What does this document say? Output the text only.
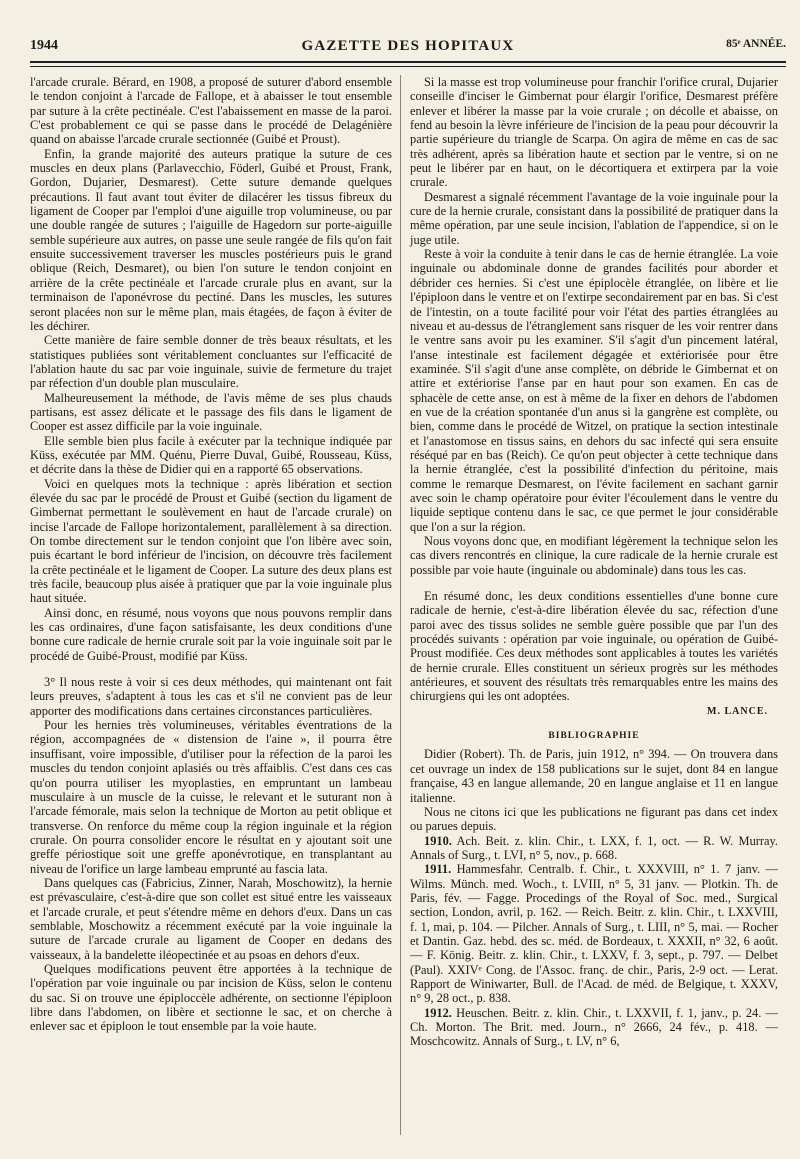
1944	GAZETTE DES HOPITAUX	85ᵉ ANNÉE.

l'arcade crurale. Bérard, en 1908, a proposé de suturer d'abord ensemble le tendon conjoint à l'arcade de Fallope, et à abaisser le tout ensemble par suture à la crête pectinéale. C'est l'abaissement en masse de la paroi. C'est probablement ce qui se passe dans le procédé de Delagénière quand on abaisse l'arcade crurale sectionnée (Guibé et Proust).

Enfin, la grande majorité des auteurs pratique la suture de ces muscles en deux plans (Parlavecchio, Föderl, Guibé et Proust, Frank, Gordon, Dujarier, Desmarest). Cette suture demande quelques précautions. Il faut avant tout éviter de dilacérer les tissus fibreux du ligament de Cooper par l'emploi d'une aiguille trop volumineuse, ou par une double rangée de sutures ; l'aiguille de Hagedorn sur porte-aiguille semble supérieure aux autres, on passe une seule rangée de fils qu'on fait ensuite successivement traverser les muscles postérieurs puis le grand oblique (Reich, Desmaret), ou bien l'on suture le tendon conjoint en arrière de la crête pectinéale et l'arcade crurale plus en avant, sur la terminaison de l'aponévrose du pectiné. Dans les muscles, les sutures seront placées non sur le même plan, mais étagées, de façon à éviter de les déchirer.

Cette manière de faire semble donner de très beaux résultats, et les statistiques publiées sont véritablement concluantes sur l'efficacité de l'ablation haute du sac par voie inguinale, suivie de fermeture du trajet par réfection d'un double plan musculaire.

Malheureusement la méthode, de l'avis même de ses plus chauds partisans, est assez délicate et le passage des fils dans le ligament de Cooper est assez difficile par la voie inguinale.

Elle semble bien plus facile à exécuter par la technique indiquée par Küss, exécutée par MM. Quénu, Pierre Duval, Guibé, Rousseau, Küss, et décrite dans la thèse de Didier qui en a rapporté 65 observations.

Voici en quelques mots la technique : après libération et section élevée du sac par le procédé de Proust et Guibé (section du ligament de Gimbernat permettant le soulèvement en haut de l'arcade crurale) on incise l'arcade de Fallope horizontalement, parallèlement à sa direction. On tombe directement sur le tendon conjoint que l'on libère avec soin, puis écartant le bord inférieur de l'incision, on découvre très facilement la crête pectinéale et le ligament de Cooper. La suture des deux plans est très facile, beaucoup plus aisée à pratiquer que par la voie inguinale plus haut située.

Ainsi donc, en résumé, nous voyons que nous pouvons remplir dans les cas ordinaires, d'une façon satisfaisante, les deux conditions d'une bonne cure radicale de hernie crurale soit par la voie inguinale soit par le procédé de Guibé-Proust, modifié par Küss.

3° Il nous reste à voir si ces deux méthodes, qui maintenant ont fait leurs preuves, s'adaptent à tous les cas et s'il ne convient pas de leur apporter des modifications dans certaines circonstances particulières.

Pour les hernies très volumineuses, véritables éventrations de la région, accompagnées de « distension de l'aine », il pourra être insuffisant, voire impossible, d'utiliser pour la réfection de la paroi les muscles du tendon conjoint aplasiés ou très affaiblis. C'est dans ces cas qu'on pourra utiliser les myoplasties, en empruntant un lambeau musculaire à un muscle de la cuisse, le relevant et le suturant non à l'arcade fémorale, mais selon la technique de Morton au petit oblique et transverse. On renforce du même coup la région inguinale et la région crurale. On pourra consolider encore le résultat en y ajoutant soit une greffe périostique soit une greffe aponévrotique, en transplantant au niveau de l'orifice un large lambeau emprunté au fascia lata.

Dans quelques cas (Fabricius, Zinner, Narah, Moschowitz), la hernie est prévasculaire, c'est-à-dire que son collet est situé entre les vaisseaux et l'arcade crurale, et peut s'étendre même en dehors d'eux. Dans un cas semblable, Moschowitz a récemment exécuté par la voie inguinale la suture de l'arcade crurale au ligament de Cooper en dedans des vaisseaux, à la bandelette iléopectinée et au psoas en dehors d'eux.

Quelques modifications peuvent être apportées à la technique de l'opération par voie inguinale ou par incision de Küss, selon le contenu du sac. Si on trouve une épiploccèle adhérente, on sectionne l'épiploon libre dans l'abdomen, on libère et sectionne le sac, et on cherche à enlever sac et épiploon le tout ensemble par la voie haute.

Si la masse est trop volumineuse pour franchir l'orifice crural, Dujarier conseille d'inciser le Gimbernat pour élargir l'orifice, Desmarest préfère enlever et libérer la masse par la voie crurale ; on décolle et abaisse, on fend au besoin la lèvre inférieure de l'incision de la peau pour découvrir la partie supérieure du triangle de Scarpa. On agira de même en cas de sac très adhérent, après sa libération haute et section par le ventre, si on ne peut le libérer par en haut, on le décortiquera et extirpera par la voie crurale.

Desmarest a signalé récemment l'avantage de la voie inguinale pour la cure de la hernie crurale, consistant dans la possibilité de pratiquer dans la même opération, par une seule incision, l'ablation de l'appendice, si on le juge utile.

Reste à voir la conduite à tenir dans le cas de hernie étranglée. La voie inguinale ou abdominale donne de grandes facilités pour aborder et débrider ces hernies. Si c'est une épiplocèle étranglée, on libère et lie l'épiploon dans le ventre et on l'extirpe secondairement par en bas. Si c'est de l'intestin, on a toute facilité pour voir l'état des parties étranglées au niveau et au-dessus de l'étranglement sans risquer de les voir rentrer dans le ventre sans avoir pu les examiner. S'il s'agit d'un pincement latéral, l'anse intestinale est facilement dégagée et extériorisée pour être examinée. S'il s'agit d'une anse complète, on débride le Gimbernat et on attire et extériorise l'anse par en haut pour son examen. En cas de sphacèle de cette anse, on est à même de la fixer en dehors de l'abdomen en vue de la création spontanée d'un anus si la gangrène est complète, ou bien, comme dans le procédé de Witzel, on pratique la section intestinale et l'anastomose en tissus sains, en dehors du sac infecté qui sera ensuite réséqué par en bas (Reich). Ce qu'on peut objecter à cette technique dans la hernie étranglée, c'est la possibilité d'infection du péritoine, mais comme le remarque Desmarest, on l'évite facilement en sachant garnir avec soin le champ opératoire pour éviter l'écoulement dans le ventre du liquide septique contenu dans le sac, ce que permet le jour considérable que l'on a sur la région.

Nous voyons donc que, en modifiant légèrement la technique selon les cas divers rencontrés en clinique, la cure radicale de la hernie crurale est possible par voie haute (inguinale ou abdominale) dans tous les cas.

En résumé donc, les deux conditions essentielles d'une bonne cure radicale de hernie, c'est-à-dire libération élevée du sac, réfection d'une paroi avec des tissus solides ne semble guère possible que par l'un des procédés suivants : opération par voie inguinale, ou opération de Guibé-Proust modifiée. Ces deux méthodes sont applicables à toutes les variétés de hernie crurale. Elles constituent un sérieux progrès sur les méthodes antérieures, et souvent des résultats très remarquables entre les mains des chirurgiens qui les ont adoptées.

M. LANCE.
BIBLIOGRAPHIE

Didier (Robert). Th. de Paris, juin 1912, n° 394. — On trouvera dans cet ouvrage un index de 158 publications sur le sujet, dont 84 en langue française, 43 en langue allemande, 20 en langue anglaise et 11 en langue italienne.

Nous ne citons ici que les publications ne figurant pas dans cet index ou parues depuis.

1910. Ach. Beit. z. klin. Chir., t. LXX, f. 1, oct. — R. W. Murray. Annals of Surg., t. LVI, n° 5, nov., p. 668.

1911. Hammesfahr. Centralb. f. Chir., t. XXXVIII, n° 1. 7 janv. — Wilms. Münch. med. Woch., t. LVIII, n° 5, 31 janv. — Plotkin. Th. de Paris, fév. — Fagge. Procedings of the Royal of Soc. med., Surgical section, London, avril, p. 162. — Reich. Beitr. z. klin. Chir., t. LXXVIII, f. 1, mai, p. 104. — Pilcher. Annals of Surg., t. LIII, n° 5, mai. — Rocher et Dantin. Gaz. hebd. des sc. méd. de Bordeaux, t. XXXII, n° 32, 6 août. — F. König. Beitr. z. klin. Chir., t. LXXV, f. 3, sept., p. 797. — Delbet (Paul). XXIVᵉ Cong. de l'Assoc. franç. de chir., Paris, 2-9 oct. — Lerat. Rapport de Winiwarter, Bull. de l'Acad. de méd. de Belgique, t. XXXV, n° 9, 28 oct., p. 838.

1912. Heuschen. Beitr. z. klin. Chir., t. LXXVII, f. 1, janv., p. 24. — Ch. Morton. The Brit. med. Journ., n° 2666, 24 fév., p. 418. — Moschcowitz. Annals of Surg., t. LV, n° 6,
